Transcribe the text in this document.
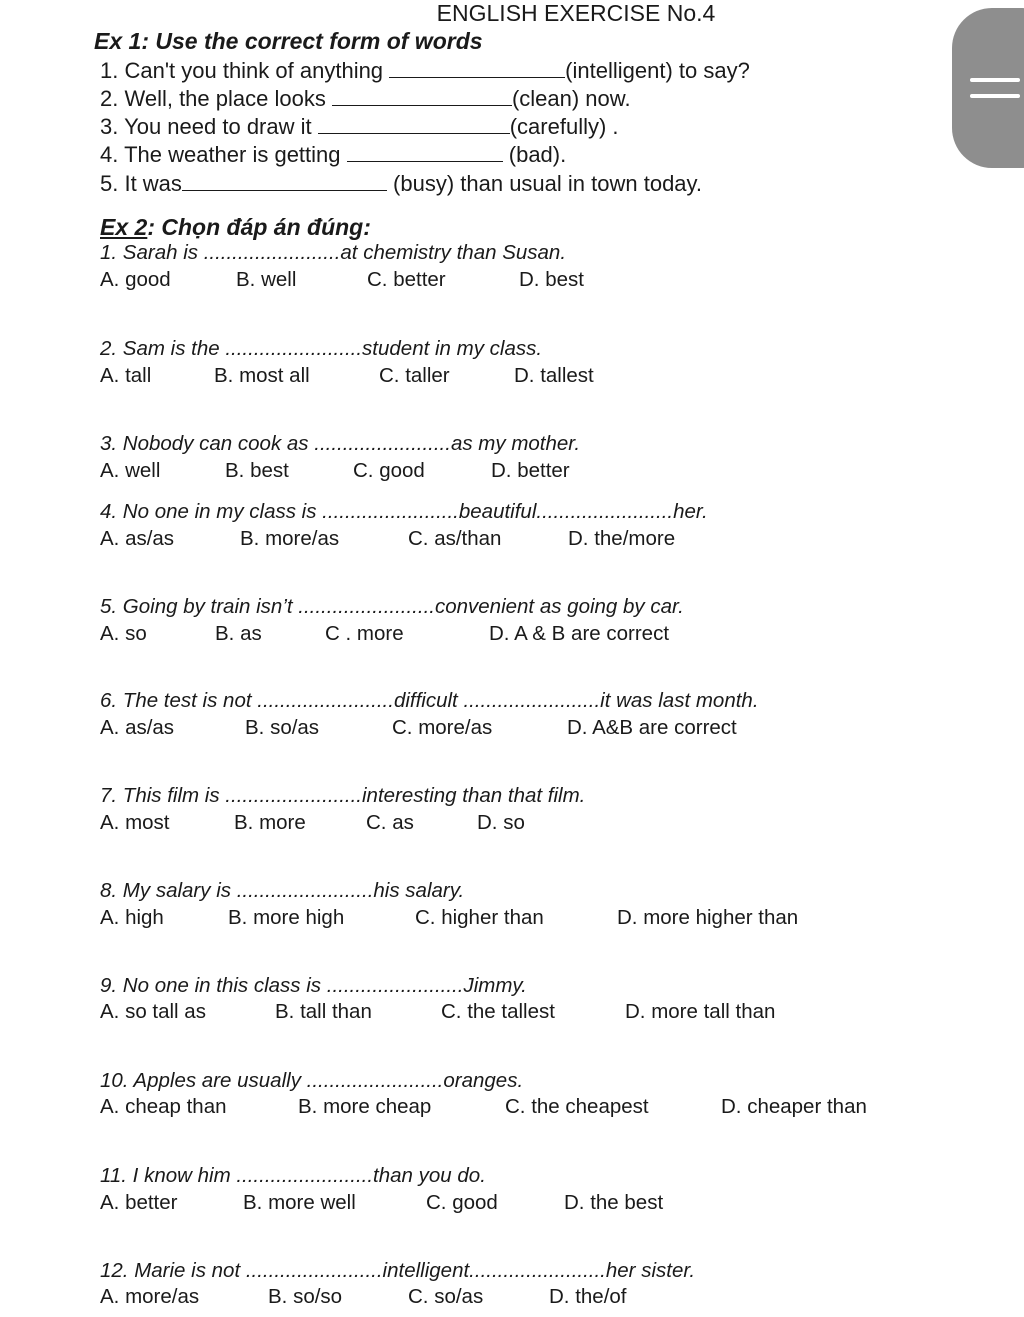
ENGLISH EXERCISE No.4
Ex 1: Use the correct form of words
1. Can't you think of anything	(intelligent) to say?
2. Well, the place looks	(clean) now.
3. You need to draw it	(carefully) .
4. The weather is getting	(bad).
5. It was	(busy) than usual in town today.
Ex 2: Chọn đáp án đúng:
1. Sarah is ........................at chemistry than Susan.
A. good	B. well	C. better	D. best
2. Sam is the ........................student in my class.
A. tall	B. most all	C. taller	D. tallest
3. Nobody can cook as ........................as my mother.
A. well	B. best	C. good	D. better
4. No one in my class is ........................beautiful........................her.
A. as/as	B. more/as	C. as/than	D. the/more
5. Going by train isn’t ........................convenient as going by car.
A. so	B. as	C . more	D. A & B are correct
6. The test is not ........................difficult ........................it was last month.
A. as/as	B. so/as	C. more/as	D. A&B are correct
7. This film is ........................interesting than that film.
A. most	B. more	C. as	D. so
8. My salary is ........................his salary.
A. high	B. more high	C. higher than	D. more higher than
9. No one in this class is ........................Jimmy.
A. so tall as	B. tall than	C. the tallest	D. more tall than
10. Apples are usually ........................oranges.
A. cheap than	B. more cheap	C. the cheapest	D. cheaper than
11. I know him ........................than you do.
A. better	B. more well	C. good	D. the best
12. Marie is not ........................intelligent........................her sister.
A. more/as	B. so/so	C. so/as	D. the/of
